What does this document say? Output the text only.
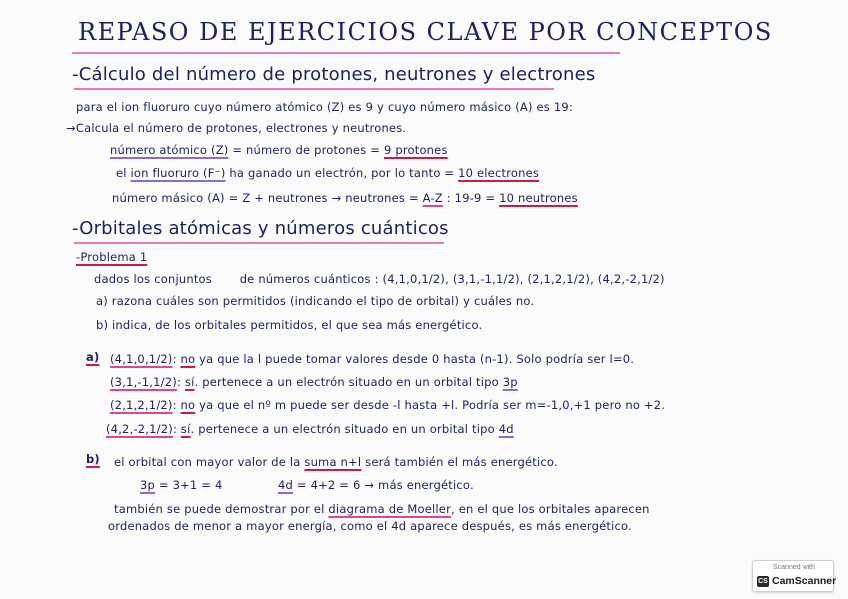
REPASO DE EJERCICIOS CLAVE POR CONCEPTOS
-Cálculo del número de protones, neutrones y electrones
para el ion fluoruro cuyo número atómico (Z) es 9 y cuyo número másico (A) es 19:
→Calcula el número de protones, electrones y neutrones.
número atómico (Z) = número de protones = 9 protones
el ion fluoruro (F⁻) ha ganado un electrón, por lo tanto = 10 electrones
número másico (A) = Z + neutrones → neutrones = A-Z : 19-9 = 10 neutrones
-Orbitales atómicas y números cuánticos
-Problema 1
dados los conjuntos de números cuánticos : (4,1,0,1/2), (3,1,-1,1/2), (2,1,2,1/2), (4,2,-2,1/2)
a) razona cuáles son permitidos (indicando el tipo de orbital) y cuáles no.
b) indica, de los orbitales permitidos, el que sea más energético.
a) (4,1,0,1/2): no ya que la l puede tomar valores desde 0 hasta (n-1). Solo podría ser l=0.
(3,1,-1,1/2): sí. pertenece a un electrón situado en un orbital tipo 3p
(2,1,2,1/2): no ya que el nº m puede ser desde -l hasta +l. Podría ser m=-1,0,+1 pero no +2.
(4,2,-2,1/2): sí. pertenece a un electrón situado en un orbital tipo 4d
b) el orbital con mayor valor de la suma n+l será también el más energético.
3p = 3+1 = 4	4d = 4+2 = 6 → más energético.
también se puede demostrar por el diagrama de Moeller, en el que los orbitales aparecen
ordenados de menor a mayor energía, como el 4d aparece después, es más energético.
Scanned with
CS CamScanner
